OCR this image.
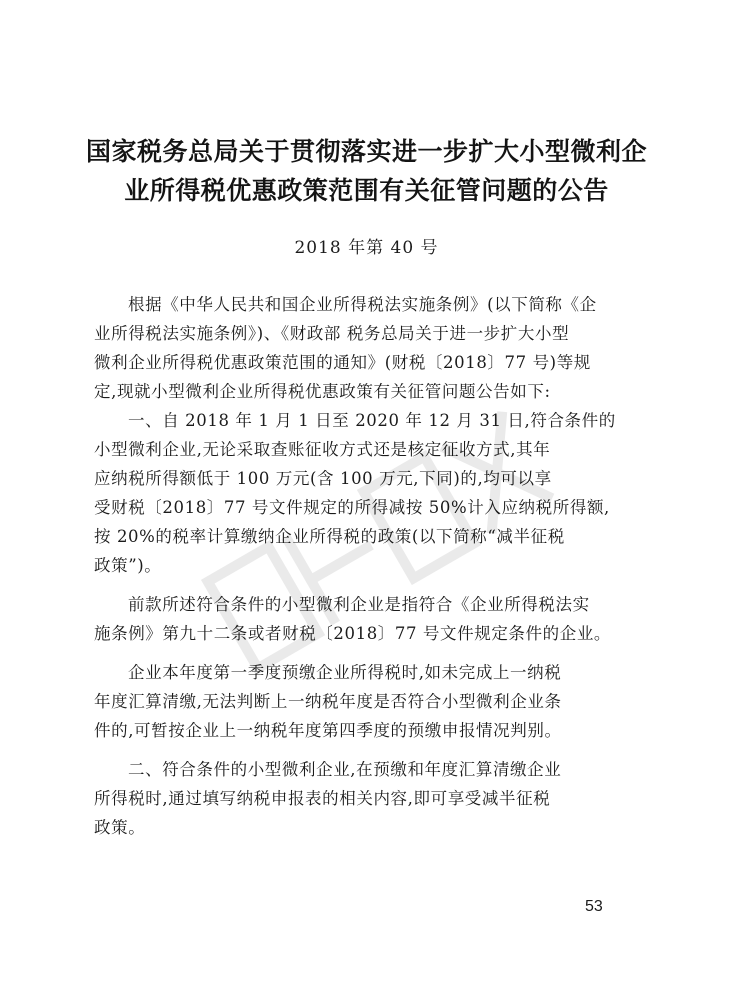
国家税务总局关于贯彻落实进一步扩大小型微利企
业所得税优惠政策范围有关征管问题的公告
2018 年第 40 号

根据《中华人民共和国企业所得税法实施条例》(以下简称《企
业所得税法实施条例》)、《财政部 税务总局关于进一步扩大小型
微利企业所得税优惠政策范围的通知》(财税〔2018〕77 号)等规
定,现就小型微利企业所得税优惠政策有关征管问题公告如下:
一、自 2018 年 1 月 1 日至 2020 年 12 月 31 日,符合条件的
小型微利企业,无论采取查账征收方式还是核定征收方式,其年
应纳税所得额低于 100 万元(含 100 万元,下同)的,均可以享
受财税〔2018〕77 号文件规定的所得减按 50%计入应纳税所得额,
按 20%的税率计算缴纳企业所得税的政策(以下简称“减半征税
政策”)。

前款所述符合条件的小型微利企业是指符合《企业所得税法实
施条例》第九十二条或者财税〔2018〕77 号文件规定条件的企业。

企业本年度第一季度预缴企业所得税时,如未完成上一纳税
年度汇算清缴,无法判断上一纳税年度是否符合小型微利企业条
件的,可暂按企业上一纳税年度第四季度的预缴申报情况判别。

二、符合条件的小型微利企业,在预缴和年度汇算清缴企业
所得税时,通过填写纳税申报表的相关内容,即可享受减半征税
政策。

53
